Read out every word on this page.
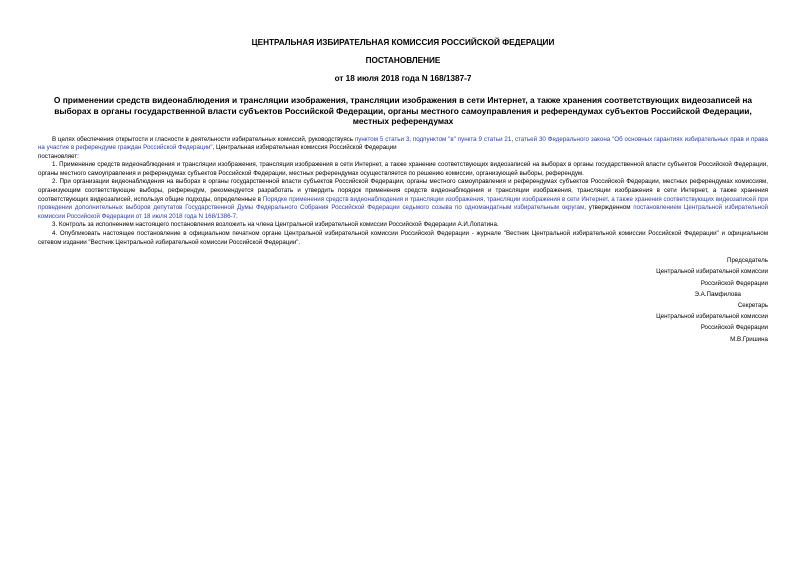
ЦЕНТРАЛЬНАЯ ИЗБИРАТЕЛЬНАЯ КОМИССИЯ РОССИЙСКОЙ ФЕДЕРАЦИИ
ПОСТАНОВЛЕНИЕ
от 18 июля 2018 года N 168/1387-7
О применении средств видеонаблюдения и трансляции изображения, трансляции изображения в сети Интернет, а также хранения соответствующих видеозаписей на выборах в органы государственной власти субъектов Российской Федерации, органы местного самоуправления и референдумах субъектов Российской Федерации, местных референдумах

В целях обеспечения открытости и гласности в деятельности избирательных комиссий, руководствуясь пунктом 5 статьи 3, подпунктом "в" пункта 9 статьи 21, статьей 30 Федерального закона "Об основных гарантиях избирательных прав и права на участие в референдуме граждан Российской Федерации", Центральная избирательная комиссия Российской Федерации

постановляет:

1. Применение средств видеонаблюдения и трансляции изображения, трансляция изображения в сети Интернет, а также хранение соответствующих видеозаписей на выборах в органы государственной власти субъектов Российской Федерации, органы местного самоуправления и референдумах субъектов Российской Федерации, местных референдумах осуществляется по решению комиссии, организующей выборы, референдум.

2. При организации видеонаблюдения на выборах в органы государственной власти субъектов Российской Федерации, органы местного самоуправления и референдумах субъектов Российской Федерации, местных референдумах комиссиям, организующим соответствующие выборы, референдум, рекомендуется разработать и утвердить порядок применения средств видеонаблюдения и трансляции изображения, трансляции изображения в сети Интернет, а также хранения соответствующих видеозаписей, используя общие подходы, определенные в Порядке применения средств видеонаблюдения и трансляции изображения, трансляции изображения в сети Интернет, а также хранения соответствующих видеозаписей при проведении дополнительных выборов депутатов Государственной Думы Федерального Собрания Российской Федерации седьмого созыва по одномандатным избирательным округам, утвержденном постановлением Центральной избирательной комиссии Российской Федерации от 18 июля 2018 года N 168/1386-7.

3. Контроль за исполнением настоящего постановления возложить на члена Центральной избирательной комиссии Российской Федерации А.И.Лопатина.

4. Опубликовать настоящее постановление в официальном печатном органе Центральной избирательной комиссии Российской Федерации - журнале "Вестник Центральной избирательной комиссии Российской Федерации" и официальном сетевом издании "Вестник Центральной избирательной комиссии Российской Федерации".

Председатель
Центральной избирательной комиссии
Российской Федерации
Э.А.Памфилова
Секретарь
Центральной избирательной комиссии
Российской Федерации
М.В.Гришина
